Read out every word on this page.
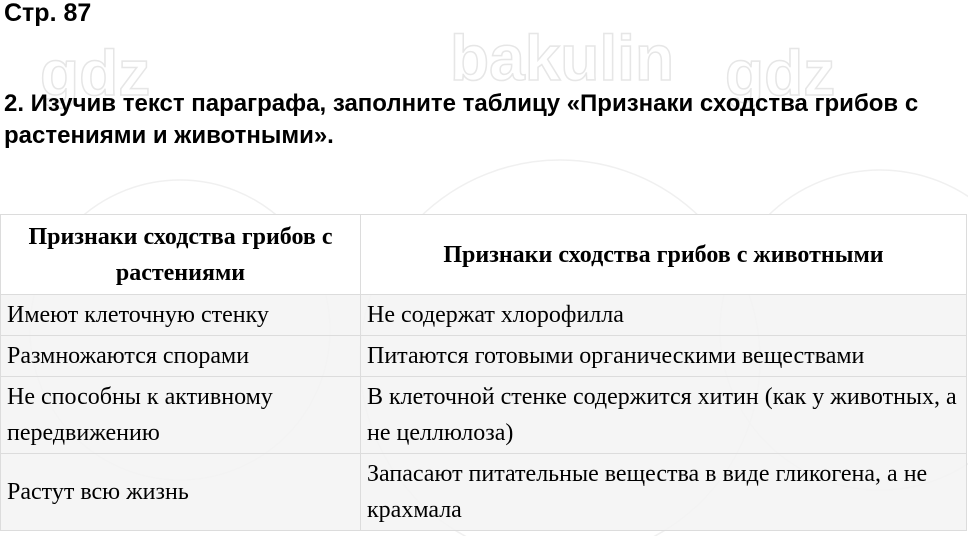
gdz	bakulin gdz
Стр. 87
2. Изучив текст параграфа, заполните таблицу «Признаки сходства грибов с растениями и животными».
Признаки сходства грибов с растениями	Признаки сходства грибов с животными
Имеют клеточную стенку	Не содержат хлорофилла
Размножаются спорами	Питаются готовыми органическими веществами
Не способны к активному передвижению	В клеточной стенке содержится хитин (как у животных, а не целлюлоза)
Растут всю жизнь	Запасают питательные вещества в виде гликогена, а не крахмала
